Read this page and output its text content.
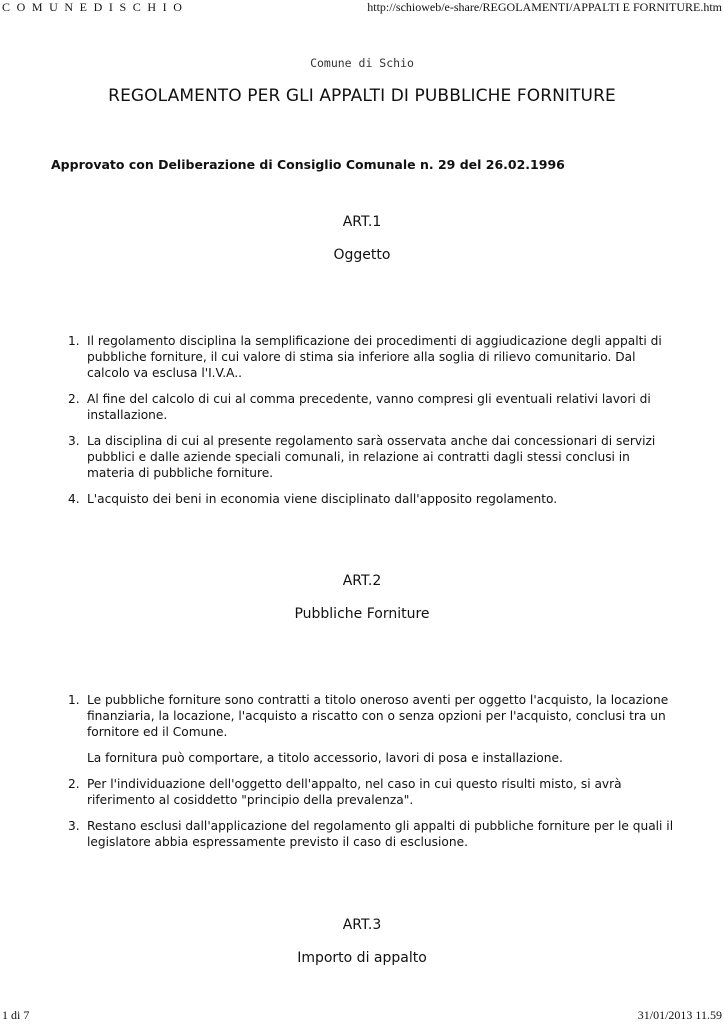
C O M U N E D I S C H I O	http://schioweb/e-share/REGOLAMENTI/APPALTI E FORNITURE.htm
Comune di Schio
REGOLAMENTO PER GLI APPALTI DI PUBBLICHE FORNITURE
Approvato con Deliberazione di Consiglio Comunale n. 29 del 26.02.1996
ART.1
Oggetto
1. Il regolamento disciplina la semplificazione dei procedimenti di aggiudicazione degli appalti di pubbliche forniture, il cui valore di stima sia inferiore alla soglia di rilievo comunitario. Dal calcolo va esclusa l'I.V.A..

2. Al fine del calcolo di cui al comma precedente, vanno compresi gli eventuali relativi lavori di installazione.

3. La disciplina di cui al presente regolamento sarà osservata anche dai concessionari di servizi pubblici e dalle aziende speciali comunali, in relazione ai contratti dagli stessi conclusi in materia di pubbliche forniture.

4. L'acquisto dei beni in economia viene disciplinato dall'apposito regolamento.

ART.2
Pubbliche Forniture
1. Le pubbliche forniture sono contratti a titolo oneroso aventi per oggetto l'acquisto, la locazione finanziaria, la locazione, l'acquisto a riscatto con o senza opzioni per l'acquisto, conclusi tra un fornitore ed il Comune.

La fornitura può comportare, a titolo accessorio, lavori di posa e installazione.

2. Per l'individuazione dell'oggetto dell'appalto, nel caso in cui questo risulti misto, si avrà riferimento al cosiddetto "principio della prevalenza".

3. Restano esclusi dall'applicazione del regolamento gli appalti di pubbliche forniture per le quali il legislatore abbia espressamente previsto il caso di esclusione.

ART.3
Importo di appalto
1 di 7	31/01/2013 11.59
